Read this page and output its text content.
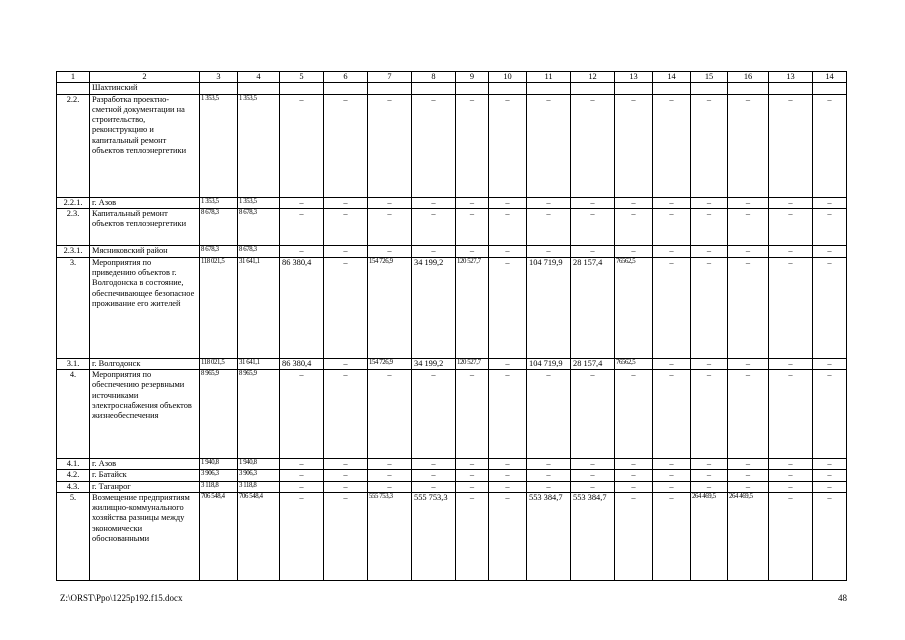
1	2	3	4	5	6	7	8	9	10	11	12	13	14	15	16	13	14
	Шахтинский																
2.2.	Разработка проектно-сметной документации на строительство, реконструкцию и капитальный ремонт объектов теплоэнергетики	1 353,5	1 353,5	–	–	–	–	–	–	–	–	–	–	–	–	–	–
2.2.1.	г. Азов	1 353,5	1 353,5	–	–	–	–	–	–	–	–	–	–	–	–	–	–
2.3.	Капитальный ремонт объектов теплоэнергетики	8 678,3	8 678,3	–	–	–	–	–	–	–	–	–	–	–	–	–	–
2.3.1.	Мясниковский район	8 678,3	8 678,3	–	–	–	–	–	–	–	–	–	–	–	–	–	–
3.	Мероприятия по приведению объектов г. Волгодонска в состояние, обеспечивающее безопасное проживание его жителей	118 021,5	31 641,1	86 380,4	–	154 726,9	34 199,2	120 527,7	–	104 719,9	28 157,4	76562,5	–	–	–	–	–
3.1.	г. Волгодонск	118 021,5	31 641,1	86 380,4	–	154 726,9	34 199,2	120 527,7	–	104 719,9	28 157,4	76562,5	–	–	–	–	–
4.	Мероприятия по обеспечению резервными источниками электроснабжения объектов жизнеобеспечения	8 965,9	8 965,9	–	–	–	–	–	–	–	–	–	–	–	–	–	–
4.1.	г. Азов	1 940,8	1 940,8	–	–	–	–	–	–	–	–	–	–	–	–	–	–
4.2.	г. Батайск	3 906,3	3 906,3	–	–	–	–	–	–	–	–	–	–	–	–	–	–
4.3.	г. Таганрог	3 118,8	3 118,8	–	–	–	–	–	–	–	–	–	–	–	–	–	–
5.	Возмещение предприятиям жилищно-коммунального хозяйства разницы между экономически обоснованными	706 548,4	706 548,4	–	–	555 753,3	555 753,3	–	–	553 384,7	553 384,7	–	–	264 469,5	264 469,5	–	–
Z:\ORST\Ppo\1225p192.f15.docx	48
